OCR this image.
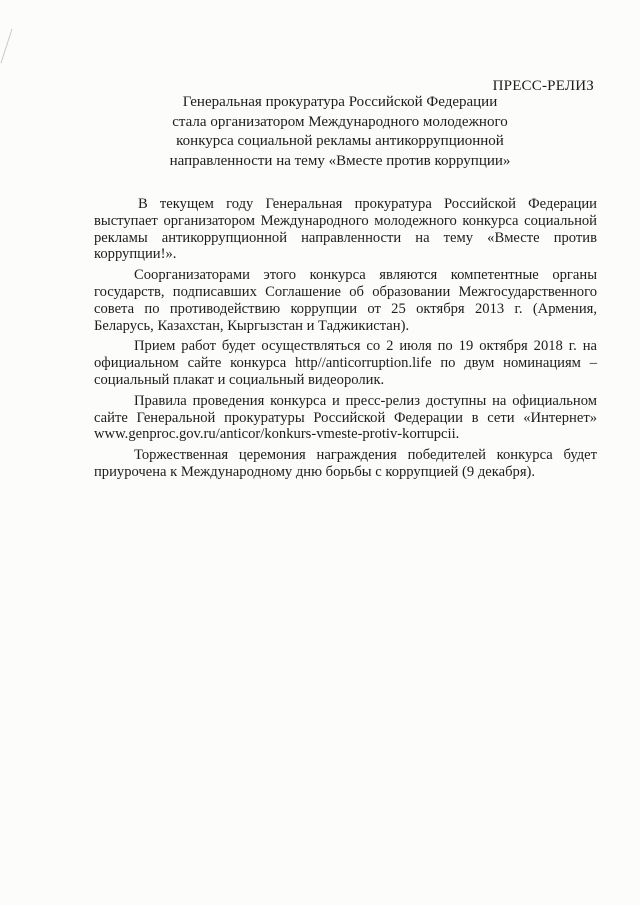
ПРЕСС-РЕЛИЗ
Генеральная прокуратура Российской Федерации
стала организатором Международного молодежного
конкурса социальной рекламы антикоррупционной
направленности на тему «Вместе против коррупции»

В текущем году Генеральная прокуратура Российской Федерации выступает организатором Международного молодежного конкурса социальной рекламы антикоррупционной направленности на тему «Вместе против коррупции!».

Соорганизаторами этого конкурса являются компетентные органы государств, подписавших Соглашение об образовании Межгосударственного совета по противодействию коррупции от 25 октября 2013 г. (Армения, Беларусь, Казахстан, Кыргызстан и Таджикистан).

Прием работ будет осуществляться со 2 июля по 19 октября 2018 г. на официальном сайте конкурса http//anticorruption.life по двум номинациям – социальный плакат и социальный видеоролик.

Правила проведения конкурса и пресс-релиз доступны на официальном сайте Генеральной прокуратуры Российской Федерации в сети «Интернет» www.genproc.gov.ru/anticor/konkurs-vmeste-protiv-korrupcii.

Торжественная церемония награждения победителей конкурса будет приурочена к Международному дню борьбы с коррупцией (9 декабря).
